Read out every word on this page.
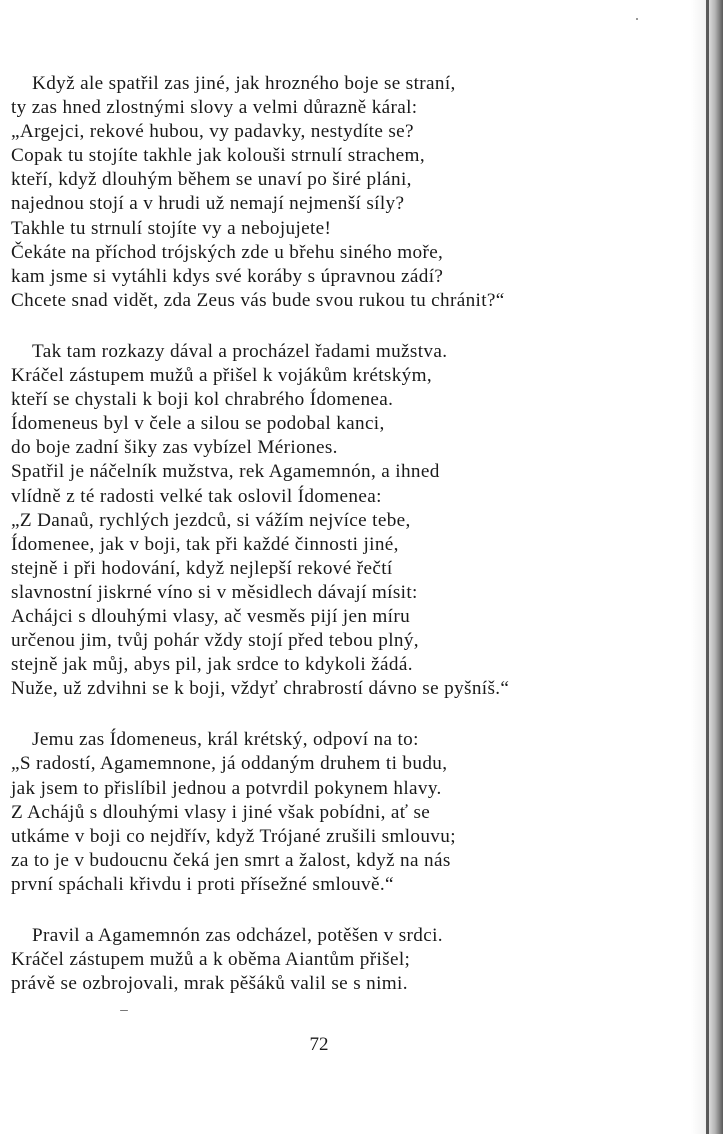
Když ale spatřil zas jiné, jak hrozného boje se straní,
ty zas hned zlostnými slovy a velmi důrazně káral:
„Argejci, rekové hubou, vy padavky, nestydíte se?
Copak tu stojíte takhle jak kolouši strnulí strachem,
kteří, když dlouhým během se unaví po širé pláni,
najednou stojí a v hrudi už nemají nejmenší síly?
Takhle tu strnulí stojíte vy a nebojujete!
Čekáte na příchod trójských zde u břehu siného moře,
kam jsme si vytáhli kdys své koráby s úpravnou zádí?
Chcete snad vidět, zda Zeus vás bude svou rukou tu chránit?“
Tak tam rozkazy dával a procházel řadami mužstva.
Kráčel zástupem mužů a přišel k vojákům krétským,
kteří se chystali k boji kol chrabrého Ídomenea.
Ídomeneus byl v čele a silou se podobal kanci,
do boje zadní šiky zas vybízel Mériones.
Spatřil je náčelník mužstva, rek Agamemnón, a ihned
vlídně z té radosti velké tak oslovil Ídomenea:
„Z Danaů, rychlých jezdců, si vážím nejvíce tebe,
Ídomenee, jak v boji, tak při každé činnosti jiné,
stejně i při hodování, když nejlepší rekové řečtí
slavnostní jiskrné víno si v měsidlech dávají mísit:
Achájci s dlouhými vlasy, ač vesměs pijí jen míru
určenou jim, tvůj pohár vždy stojí před tebou plný,
stejně jak můj, abys pil, jak srdce to kdykoli žádá.
Nuže, už zdvihni se k boji, vždyť chrabrostí dávno se pyšníš.“
Jemu zas Ídomeneus, král krétský, odpoví na to:
„S radostí, Agamemnone, já oddaným druhem ti budu,
jak jsem to přislíbil jednou a potvrdil pokynem hlavy.
Z Achájů s dlouhými vlasy i jiné však pobídni, ať se
utkáme v boji co nejdřív, když Trójané zrušili smlouvu;
za to je v budoucnu čeká jen smrt a žalost, když na nás
první spáchali křivdu i proti přísežné smlouvě.“
Pravil a Agamemnón zas odcházel, potěšen v srdci.
Kráčel zástupem mužů a k oběma Aiantům přišel;
právě se ozbrojovali, mrak pěšáků valil se s nimi.
72
